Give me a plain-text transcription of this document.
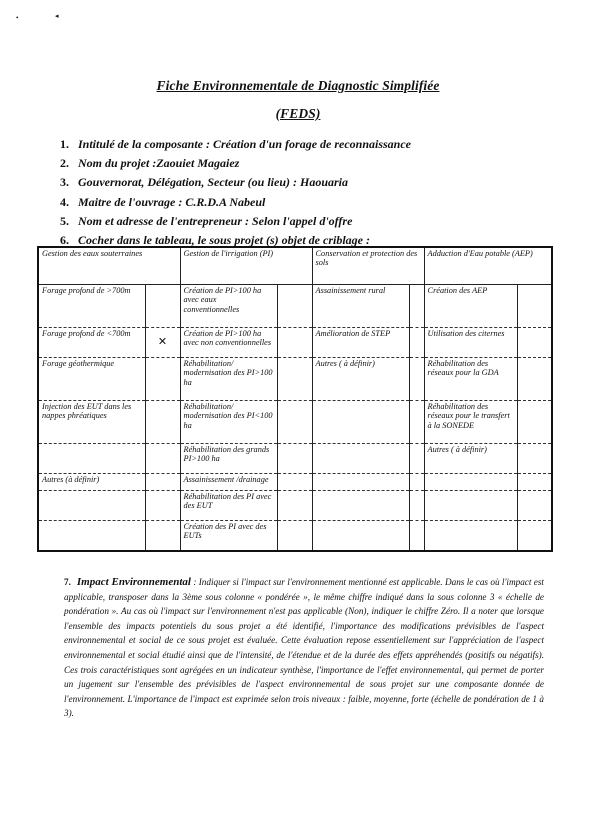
•	◂
Fiche Environnementale de Diagnostic Simplifiée
(FEDS)
1. Intitulé de la composante : Création d'un forage de reconnaissance
2. Nom du projet :Zaouiet Magaiez
3. Gouvernorat, Délégation, Secteur (ou lieu) : Haouaria
4. Maitre de l'ouvrage : C.R.D.A Nabeul
5. Nom et adresse de l'entrepreneur : Selon l'appel d'offre
6. Cocher dans le tableau, le sous projet (s) objet de criblage :
Gestion des eaux souterraines		Gestion de l'irrigation (PI)		Conservation et protection des sols		Adduction d'Eau potable (AEP)	
Forage profond de >700m		Création de PI>100 ha avec eaux conventionnelles		Assainissement rural		Création des AEP	
Forage profond de <700m	✕	Création de PI>100 ha avec non conventionnelles		Amélioration de STEP		Utilisation des citernes	
Forage géothermique		Réhabilitation/ modernisation des PI>100 ha		Autres ( à définir)		Réhabilitation des réseaux pour la GDA	
Injection des EUT dans les nappes phréatiques		Réhabilitation/ modernisation des PI<100 ha				Réhabilitation des réseaux pour le transfert à la SONEDE	
		Réhabilitation des grands PI>100 ha				Autres ( à définir)	
Autres (à définir)		Assainissement /drainage					
		Réhabilitation des PI avec des EUT					
		Création des PI avec des EUTs					

7. Impact Environnemental : Indiquer si l'impact sur l'environnement mentionné est applicable. Dans le cas où l'impact est applicable, transposer dans la 3ème sous colonne « pondérée », le même chiffre indiqué dans la sous colonne 3 « échelle de pondération ». Au cas où l'impact sur l'environnement n'est pas applicable (Non), indiquer le chiffre Zéro. Il a noter que lorsque l'ensemble des impacts potentiels du sous projet a été identifié, l'importance des modifications prévisibles de l'aspect environnemental et social de ce sous projet est évaluée. Cette évaluation repose essentiellement sur l'appréciation de l'aspect environnemental et social étudié ainsi que de l'intensité, de l'étendue et de la durée des effets appréhendés (positifs ou négatifs). Ces trois caractéristiques sont agrégées en un indicateur synthèse, l'importance de l'effet environnemental, qui permet de porter un jugement sur l'ensemble des prévisibles de l'aspect environnemental de sous projet sur une composante donnée de l'environnement. L'importance de l'impact est exprimée selon trois niveaux : faible, moyenne, forte (échelle de pondération de 1 à 3).
